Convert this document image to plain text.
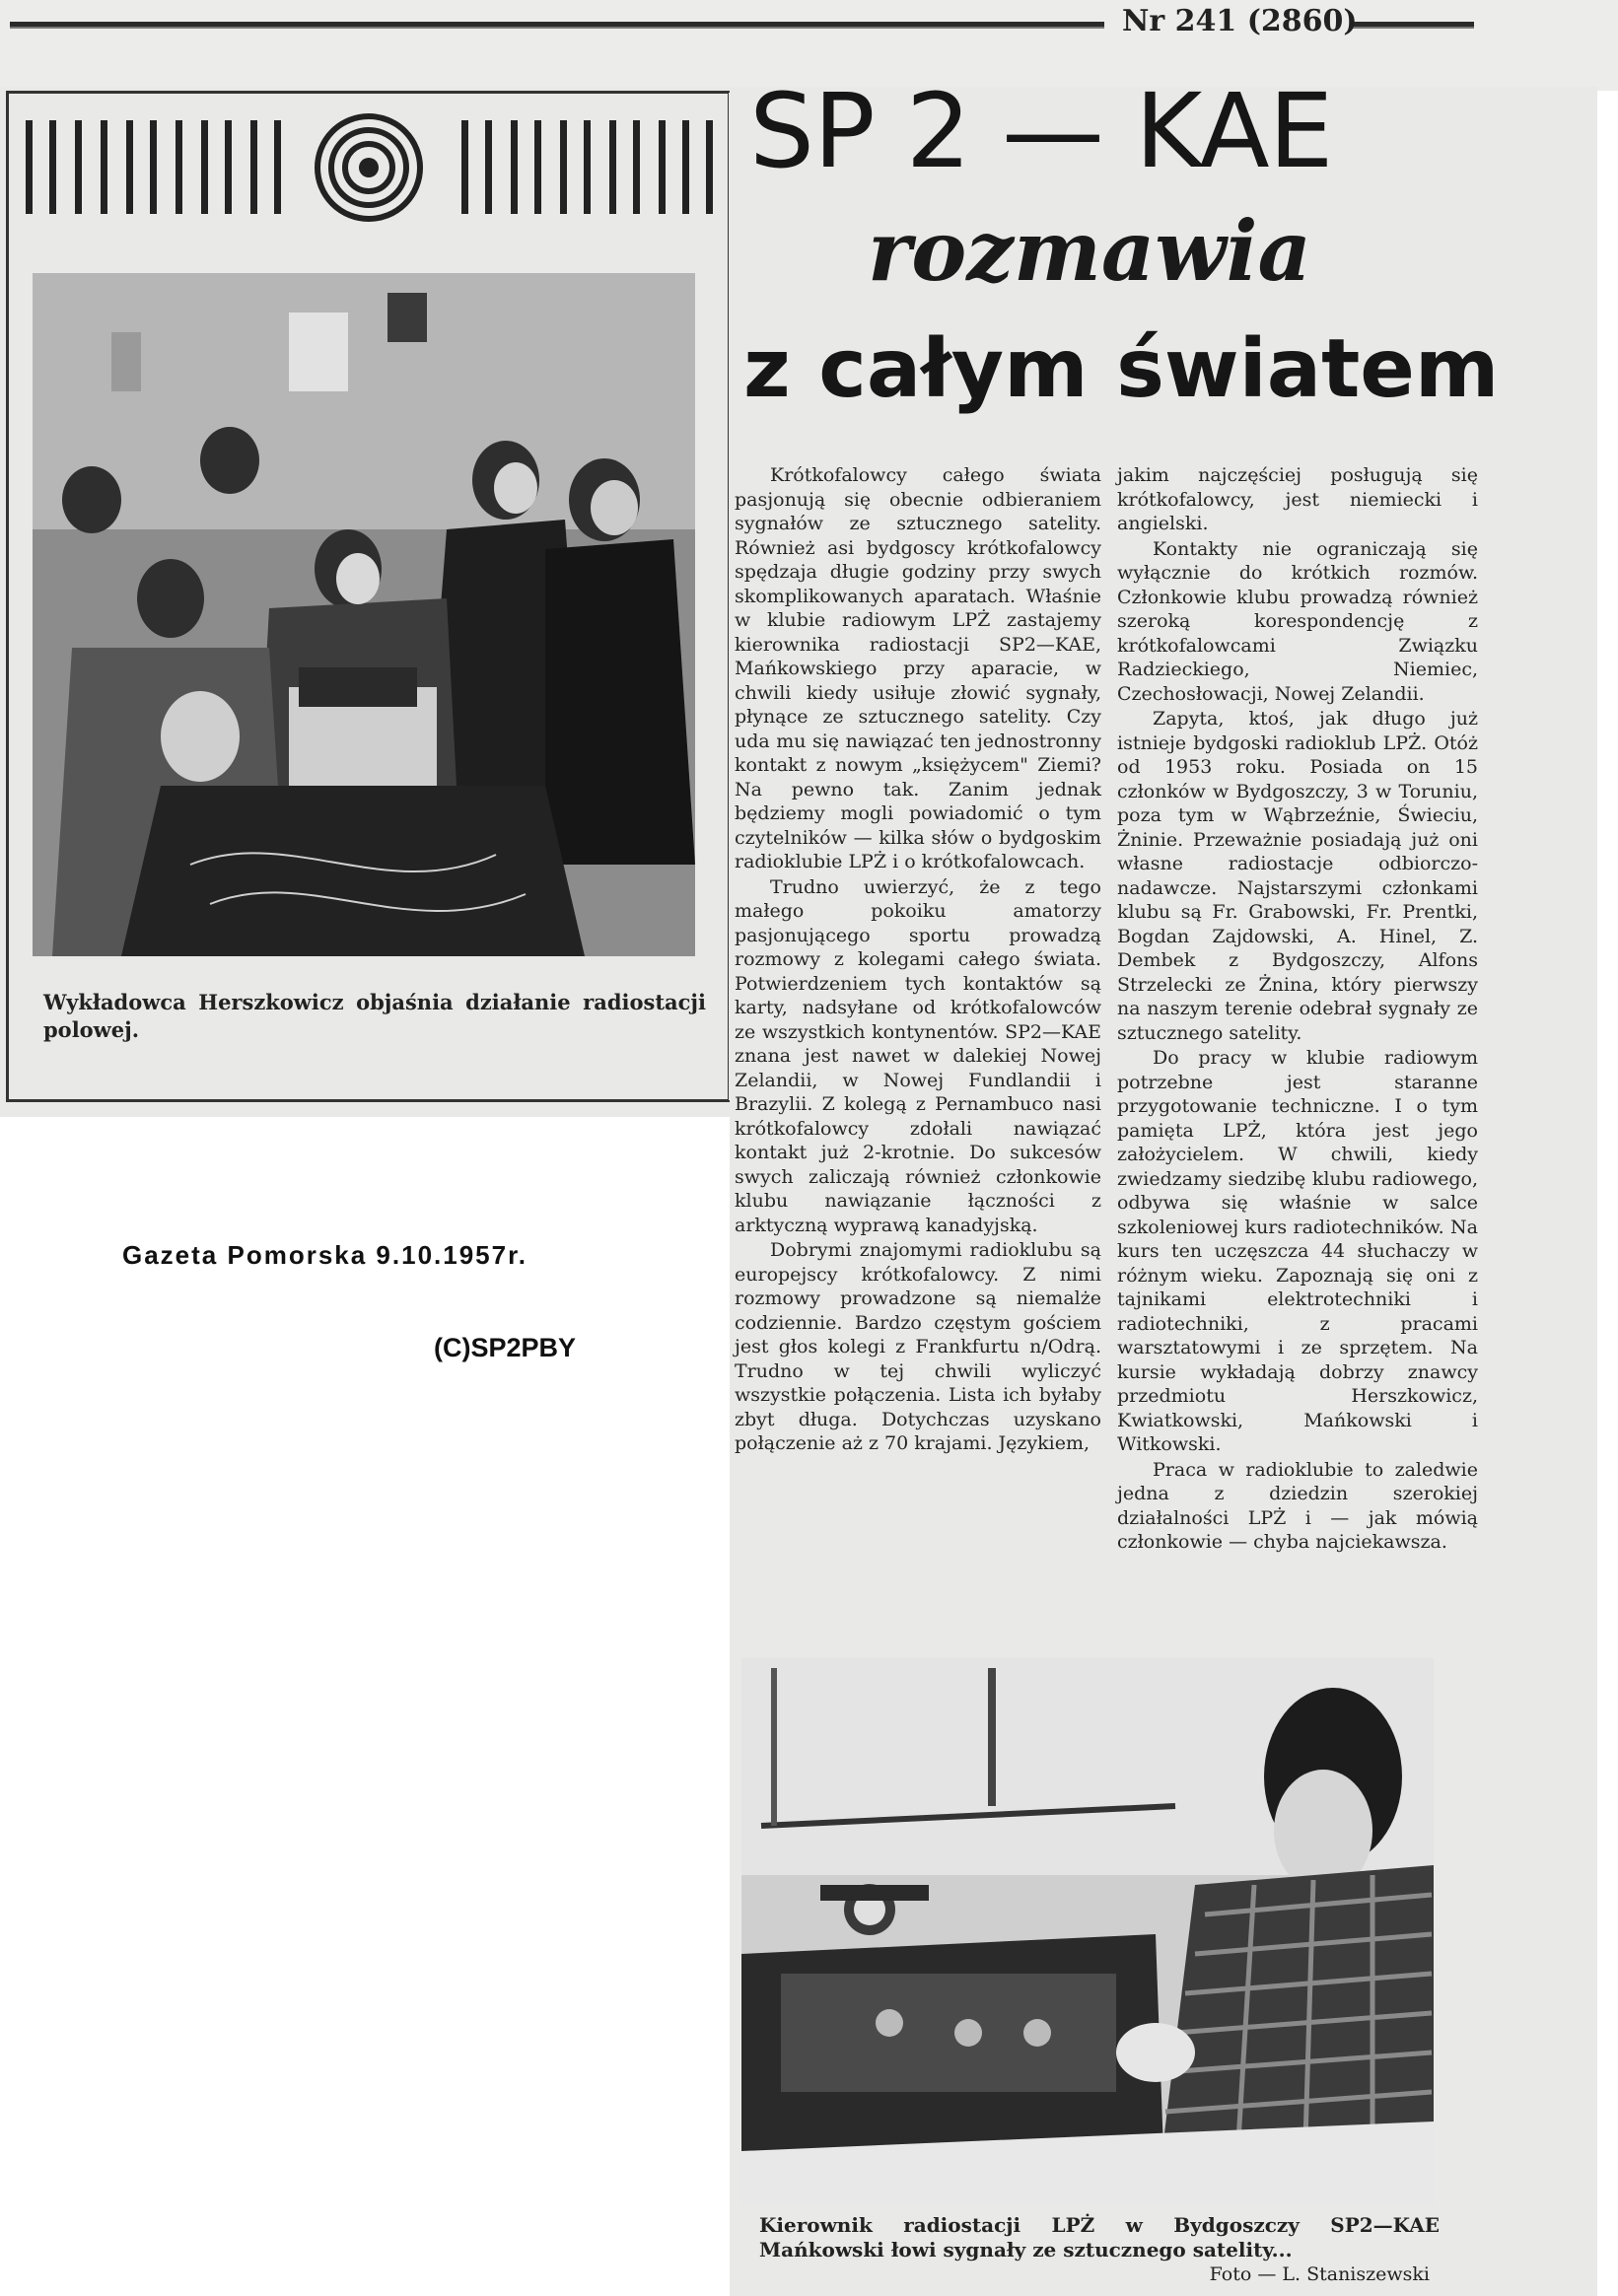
Nr 241 (2860)
Wykładowca Herszkowicz objaśnia działanie radiostacji polowej.
SP 2 — KAE
rozmawia
z całym światem

Krótkofalowcy całego świata pasjonują się obecnie odbieraniem sygnałów ze sztucznego satelity. Również asi bydgoscy krótkofalowcy spędzaja długie godziny przy swych skomplikowanych aparatach. Właśnie w klubie radiowym LPŻ zastajemy kierownika radiostacji SP2—KAE, Mańkowskiego przy aparacie, w chwili kiedy usiłuje złowić sygnały, płynące ze sztucznego satelity. Czy uda mu się nawiązać ten jednostronny kontakt z nowym „księżycem" Ziemi? Na pewno tak. Zanim jednak będziemy mogli powiadomić o tym czytelników — kilka słów o bydgoskim radioklubie LPŻ i o krótkofalowcach.

Trudno uwierzyć, że z tego małego pokoiku amatorzy pasjonującego sportu prowadzą rozmowy z kolegami całego świata. Potwierdzeniem tych kontaktów są karty, nadsyłane od krótkofalowców ze wszystkich kontynentów. SP2—KAE znana jest nawet w dalekiej Nowej Zelandii, w Nowej Fundlandii i Brazylii. Z kolegą z Pernambuco nasi krótkofalowcy zdołali nawiązać kontakt już 2-krotnie. Do sukcesów swych zaliczają również członkowie klubu nawiązanie łączności z arktyczną wyprawą kanadyjską.

Dobrymi znajomymi radioklubu są europejscy krótkofalowcy. Z nimi rozmowy prowadzone są niemalże codziennie. Bardzo częstym gościem jest głos kolegi z Frankfurtu n/Odrą. Trudno w tej chwili wyliczyć wszystkie połączenia. Lista ich byłaby zbyt długa. Dotychczas uzyskano połączenie aż z 70 krajami. Językiem,

jakim najczęściej posługują się krótkofalowcy, jest niemiecki i angielski.

Kontakty nie ograniczają się wyłącznie do krótkich rozmów. Członkowie klubu prowadzą również szeroką korespondencję z krótkofalowcami Związku Radzieckiego, Niemiec, Czechosłowacji, Nowej Zelandii.

Zapyta, ktoś, jak długo już istnieje bydgoski radioklub LPŻ. Otóż od 1953 roku. Posiada on 15 członków w Bydgoszczy, 3 w Toruniu, poza tym w Wąbrzeźnie, Świeciu, Żninie. Przeważnie posiadają już oni własne radiostacje odbiorczo-nadawcze. Najstarszymi członkami klubu są Fr. Grabowski, Fr. Prentki, Bogdan Zajdowski, A. Hinel, Z. Dembek z Bydgoszczy, Alfons Strzelecki ze Żnina, który pierwszy na naszym terenie odebrał sygnały ze sztucznego satelity.

Do pracy w klubie radiowym potrzebne jest staranne przygotowanie techniczne. I o tym pamięta LPŻ, która jest jego założycielem. W chwili, kiedy zwiedzamy siedzibę klubu radiowego, odbywa się właśnie w salce szkoleniowej kurs radiotechników. Na kurs ten uczęszcza 44 słuchaczy w różnym wieku. Zapoznają się oni z tajnikami elektrotechniki i radiotechniki, z pracami warsztatowymi i ze sprzętem. Na kursie wykładają dobrzy znawcy przedmiotu Herszkowicz, Kwiatkowski, Mańkowski i Witkowski.

Praca w radioklubie to zaledwie jedna z dziedzin szerokiej działalności LPŻ i — jak mówią członkowie — chyba najciekawsza.

Kierownik radiostacji LPŻ w Bydgoszczy SP2—KAE Mańkowski łowi sygnały ze sztucznego satelity...
Foto — L. Staniszewski
Gazeta Pomorska 9.10.1957r.
(C)SP2PBY
